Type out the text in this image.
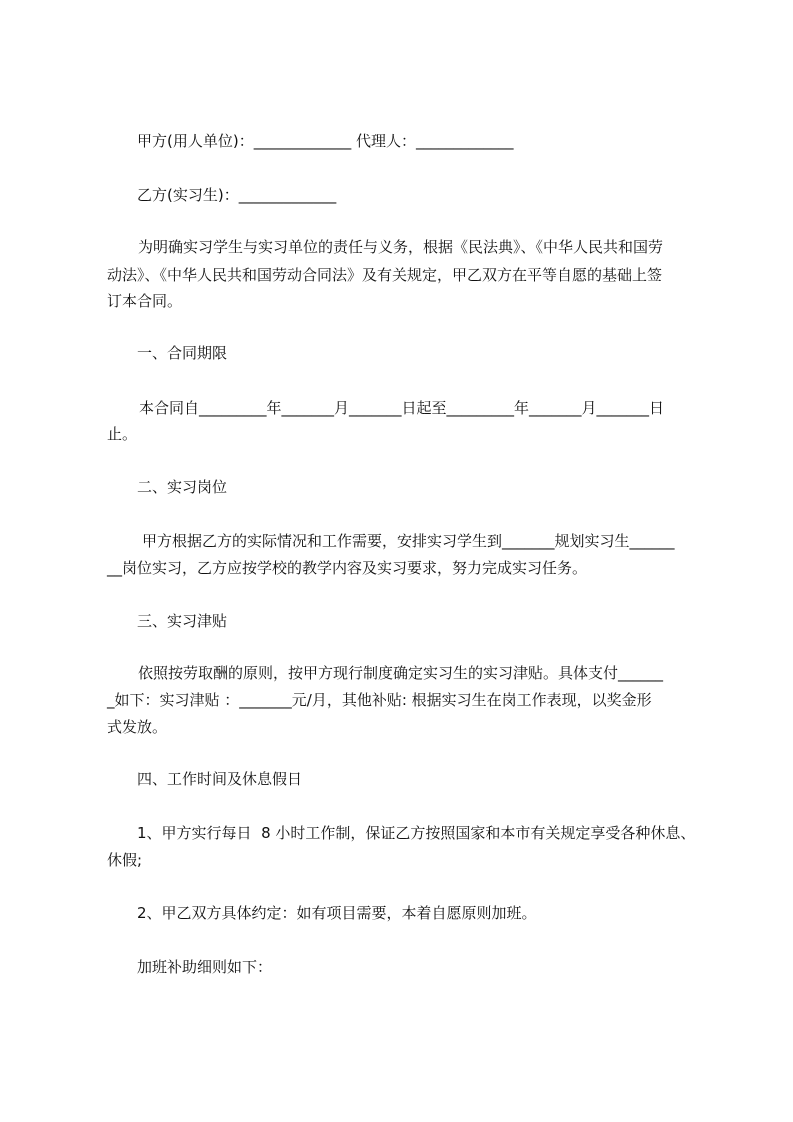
甲方(用人单位)：_____________ 代理人：_____________
乙方(实习生)：_____________
为明确实习学生与实习单位的责任与义务，根据《民法典》、《中华人民共和国劳
动法》、《中华人民共和国劳动合同法》及有关规定，甲乙双方在平等自愿的基础上签
订本合同。
一、合同期限
本合同自_________年_______月_______日起至_________年_______月_______日
止。
二、实习岗位
甲方根据乙方的实际情况和工作需要，安排实习学生到_______规划实习生______
__岗位实习，乙方应按学校的教学内容及实习要求，努力完成实习任务。
三、实习津贴
依照按劳取酬的原则，按甲方现行制度确定实习生的实习津贴。具体支付______
_如下：实习津贴 ：_______元/月，其他补贴: 根据实习生在岗工作表现，以奖金形
式发放。
四、工作时间及休息假日
1、甲方实行每日  8 小时工作制，保证乙方按照国家和本市有关规定享受各种休息、
休假;
2、甲乙双方具体约定：如有项目需要，本着自愿原则加班。
加班补助细则如下：
